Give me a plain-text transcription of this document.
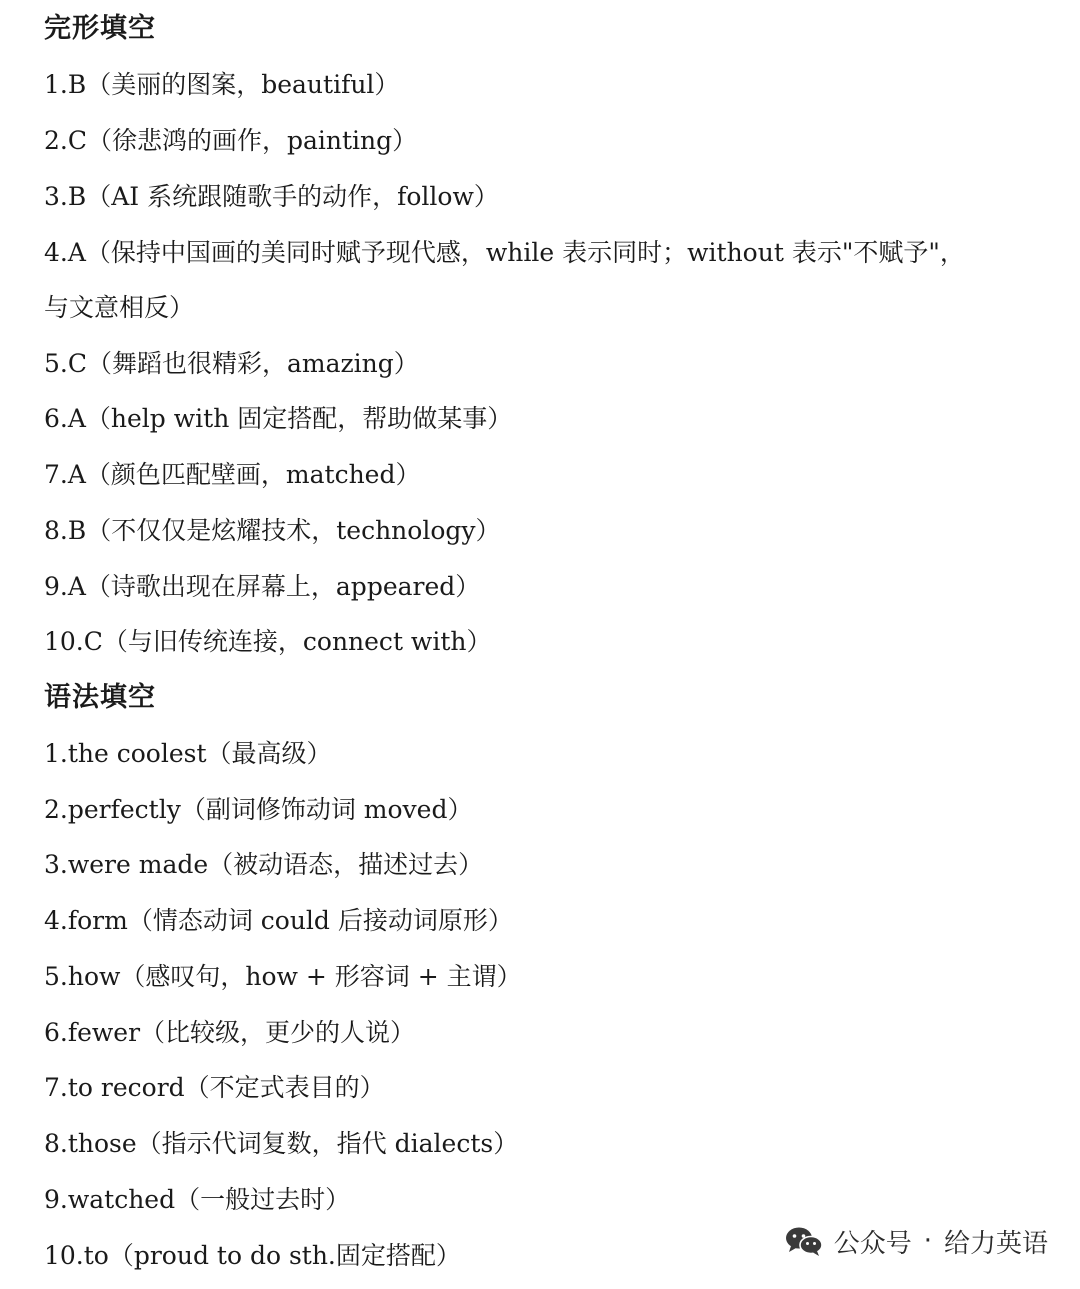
完形填空
1.B（美丽的图案，beautiful）
2.C（徐悲鸿的画作，painting）
3.B（AI 系统跟随歌手的动作，follow）
4.A（保持中国画的美同时赋予现代感，while 表示同时；without 表示"不赋予"，
与文意相反）
5.C（舞蹈也很精彩，amazing）
6.A（help with 固定搭配，帮助做某事）
7.A（颜色匹配壁画，matched）
8.B（不仅仅是炫耀技术，technology）
9.A（诗歌出现在屏幕上，appeared）
10.C（与旧传统连接，connect with）
语法填空
1.the coolest（最高级）
2.perfectly（副词修饰动词 moved）
3.were made（被动语态，描述过去）
4.form（情态动词 could 后接动词原形）
5.how（感叹句，how + 形容词 + 主谓）
6.fewer（比较级，更少的人说）
7.to record（不定式表目的）
8.those（指示代词复数，指代 dialects）
9.watched（一般过去时）
10.to（proud to do sth.固定搭配）	公众号 · 给力英语
